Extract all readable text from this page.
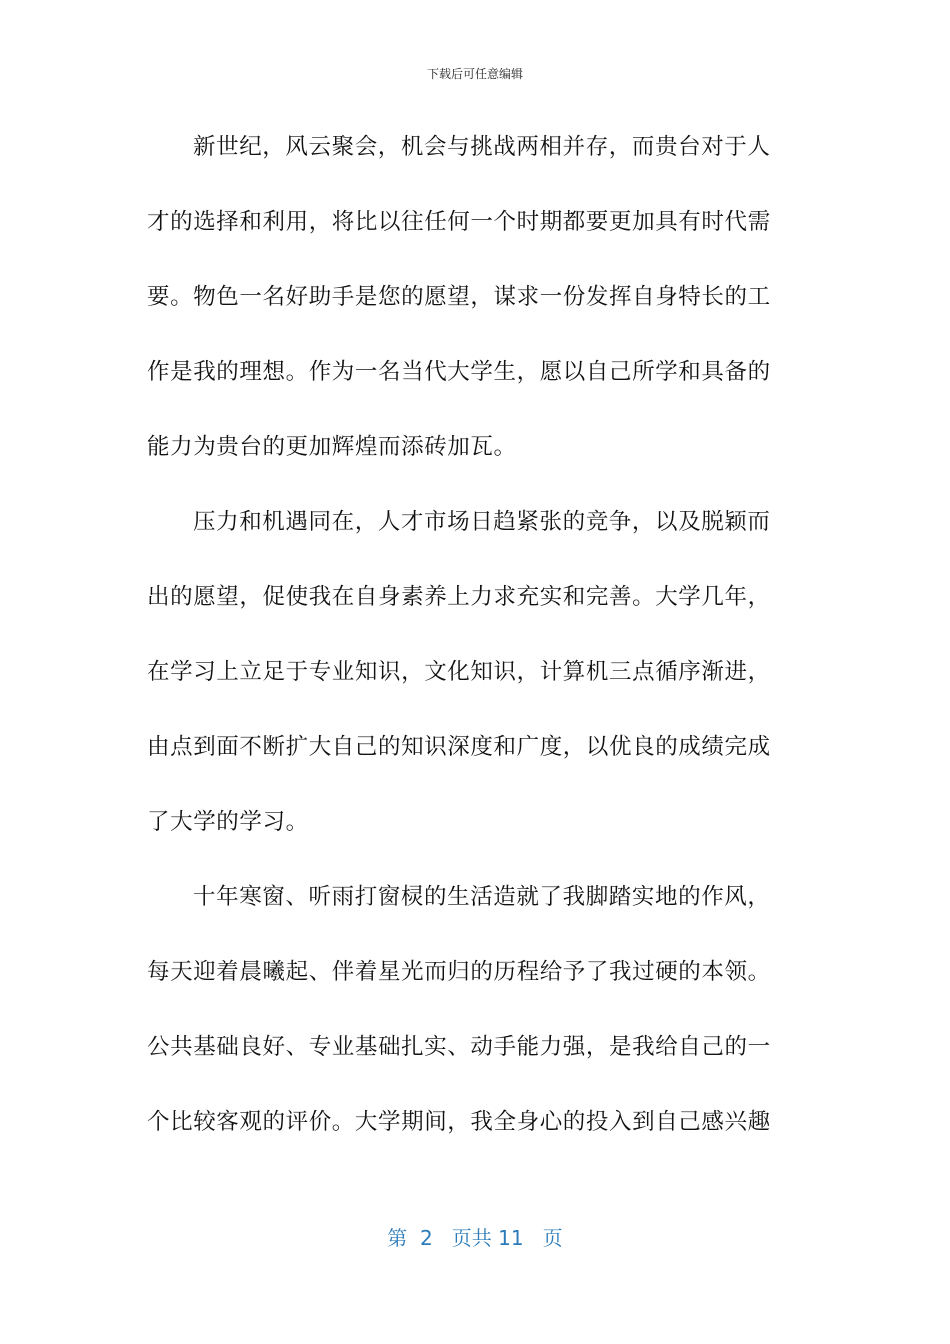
下载后可任意编辑
新世纪，风云聚会，机会与挑战两相并存，而贵台对于人
才的选择和利用，将比以往任何一个时期都要更加具有时代需
要。物色一名好助手是您的愿望，谋求一份发挥自身特长的工
作是我的理想。作为一名当代大学生，愿以自己所学和具备的
能力为贵台的更加辉煌而添砖加瓦。
压力和机遇同在，人才市场日趋紧张的竞争，以及脱颖而
出的愿望，促使我在自身素养上力求充实和完善。大学几年，
在学习上立足于专业知识，文化知识，计算机三点循序渐进，
由点到面不断扩大自己的知识深度和广度，以优良的成绩完成
了大学的学习。
十年寒窗、听雨打窗棂的生活造就了我脚踏实地的作风，
每天迎着晨曦起、伴着星光而归的历程给予了我过硬的本领。
公共基础良好、专业基础扎实、动手能力强，是我给自己的一
个比较客观的评价。大学期间，我全身心的投入到自己感兴趣
第  2   页共 11   页
